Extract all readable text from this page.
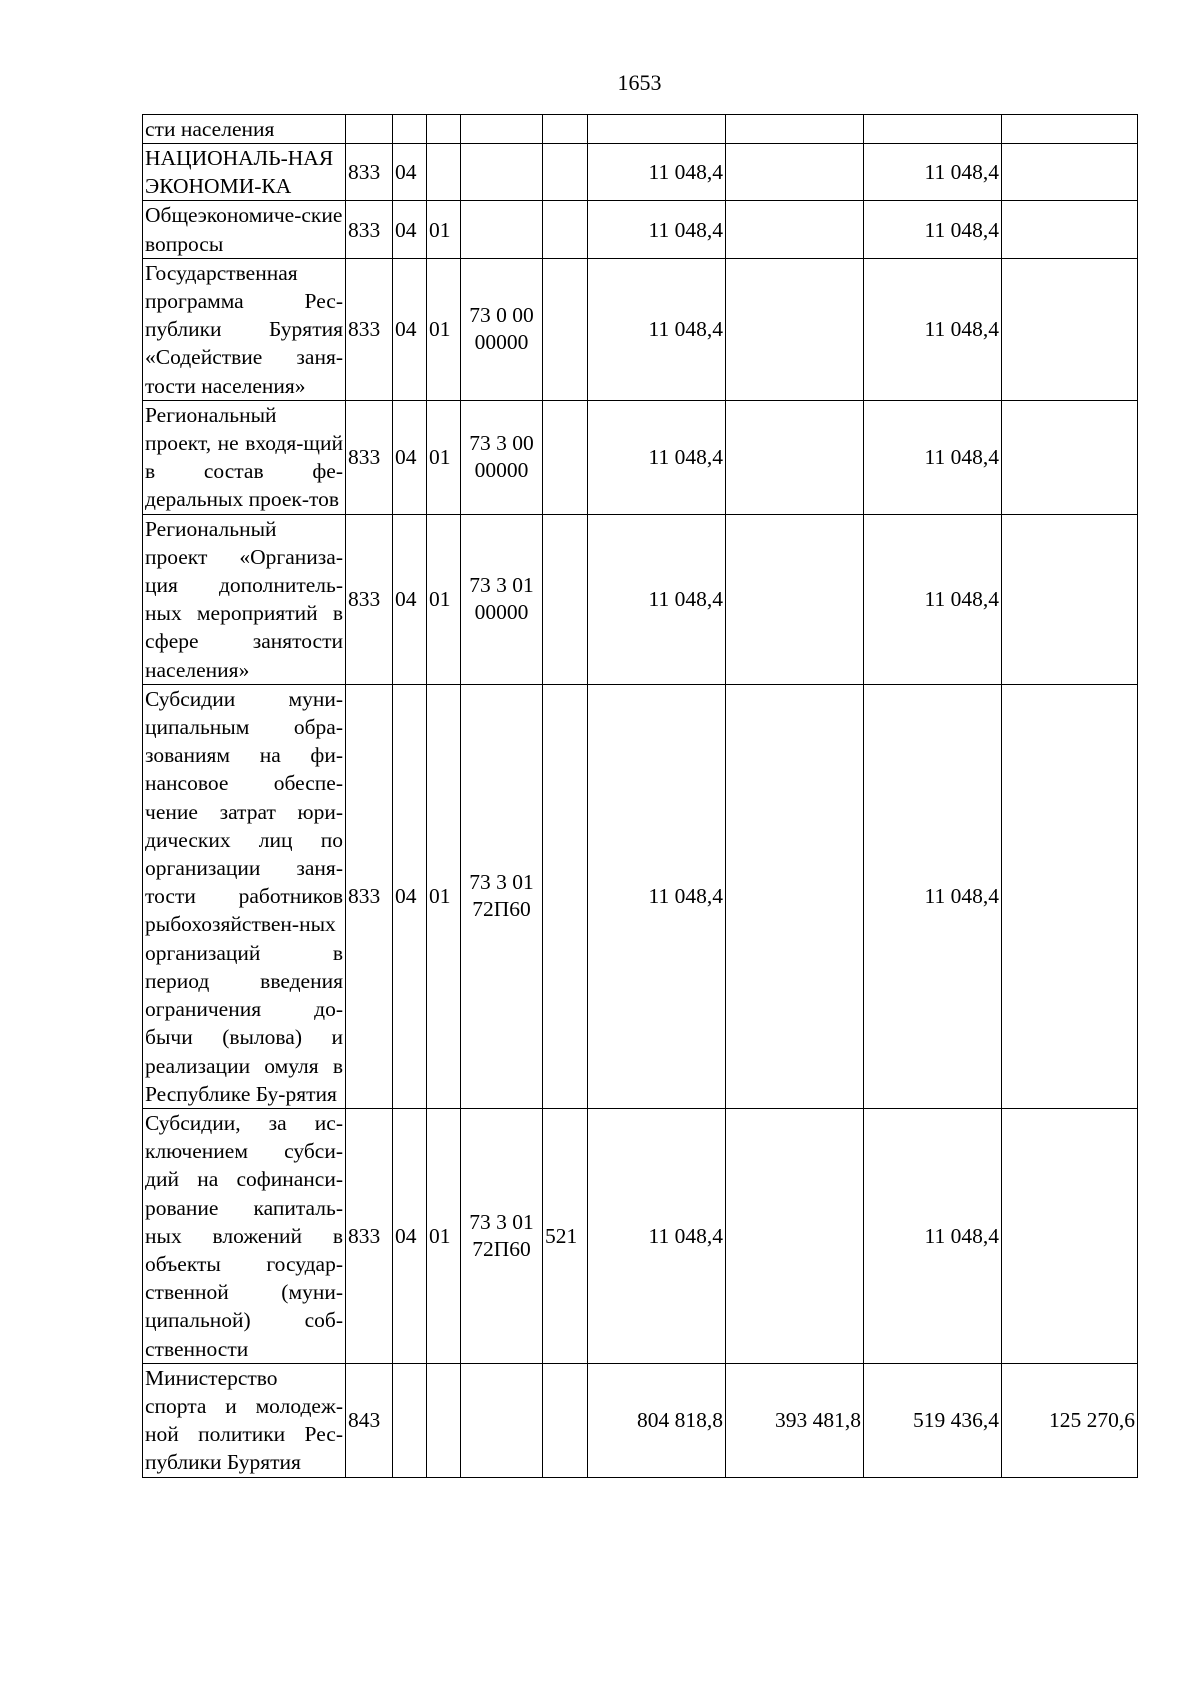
1653
сти населения									
НАЦИОНАЛЬ-НАЯ ЭКОНОМИ-КА	833	04				11 048,4		11 048,4	
Общеэкономиче-ские вопросы	833	04	01			11 048,4		11 048,4	
Государственная программа Рес-публики Бурятия «Содействие заня-тости населения»	833	04	01	73 0 00 00000		11 048,4		11 048,4	
Региональный проект, не входя-щий в состав фе-деральных проек-тов	833	04	01	73 3 00 00000		11 048,4		11 048,4	
Региональный проект «Организа-ция дополнитель-ных мероприятий в сфере занятости населения»	833	04	01	73 3 01 00000		11 048,4		11 048,4	
Субсидии муни-ципальным обра-зованиям на фи-нансовое обеспе-чение затрат юри-дических лиц по организации заня-тости работников рыбохозяйствен-ных организаций в период введения ограничения до-бычи (вылова) и реализации омуля в Республике Бу-рятия	833	04	01	73 3 01 72П60		11 048,4		11 048,4	
Субсидии, за ис-ключением субси-дий на софинанси-рование капиталь-ных вложений в объекты государ-ственной (муни-ципальной) соб-ственности	833	04	01	73 3 01 72П60	521	11 048,4		11 048,4	
Министерство спорта и молодеж-ной политики Рес-публики Бурятия	843					804 818,8	393 481,8	519 436,4	125 270,6
